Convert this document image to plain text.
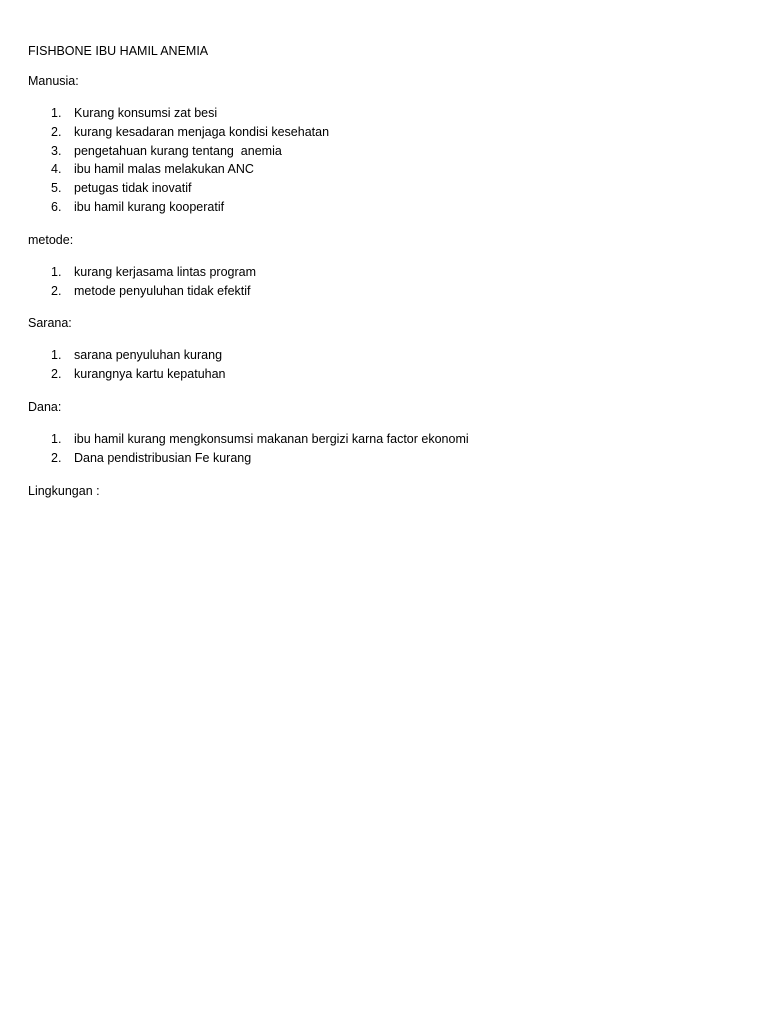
FISHBONE IBU HAMIL ANEMIA
Manusia:
1. Kurang konsumsi zat besi
2. kurang kesadaran menjaga kondisi kesehatan
3. pengetahuan kurang tentang  anemia
4. ibu hamil malas melakukan ANC
5. petugas tidak inovatif
6. ibu hamil kurang kooperatif
metode:
1. kurang kerjasama lintas program
2. metode penyuluhan tidak efektif
Sarana:
1. sarana penyuluhan kurang
2. kurangnya kartu kepatuhan
Dana:
1. ibu hamil kurang mengkonsumsi makanan bergizi karna factor ekonomi
2. Dana pendistribusian Fe kurang
Lingkungan :
